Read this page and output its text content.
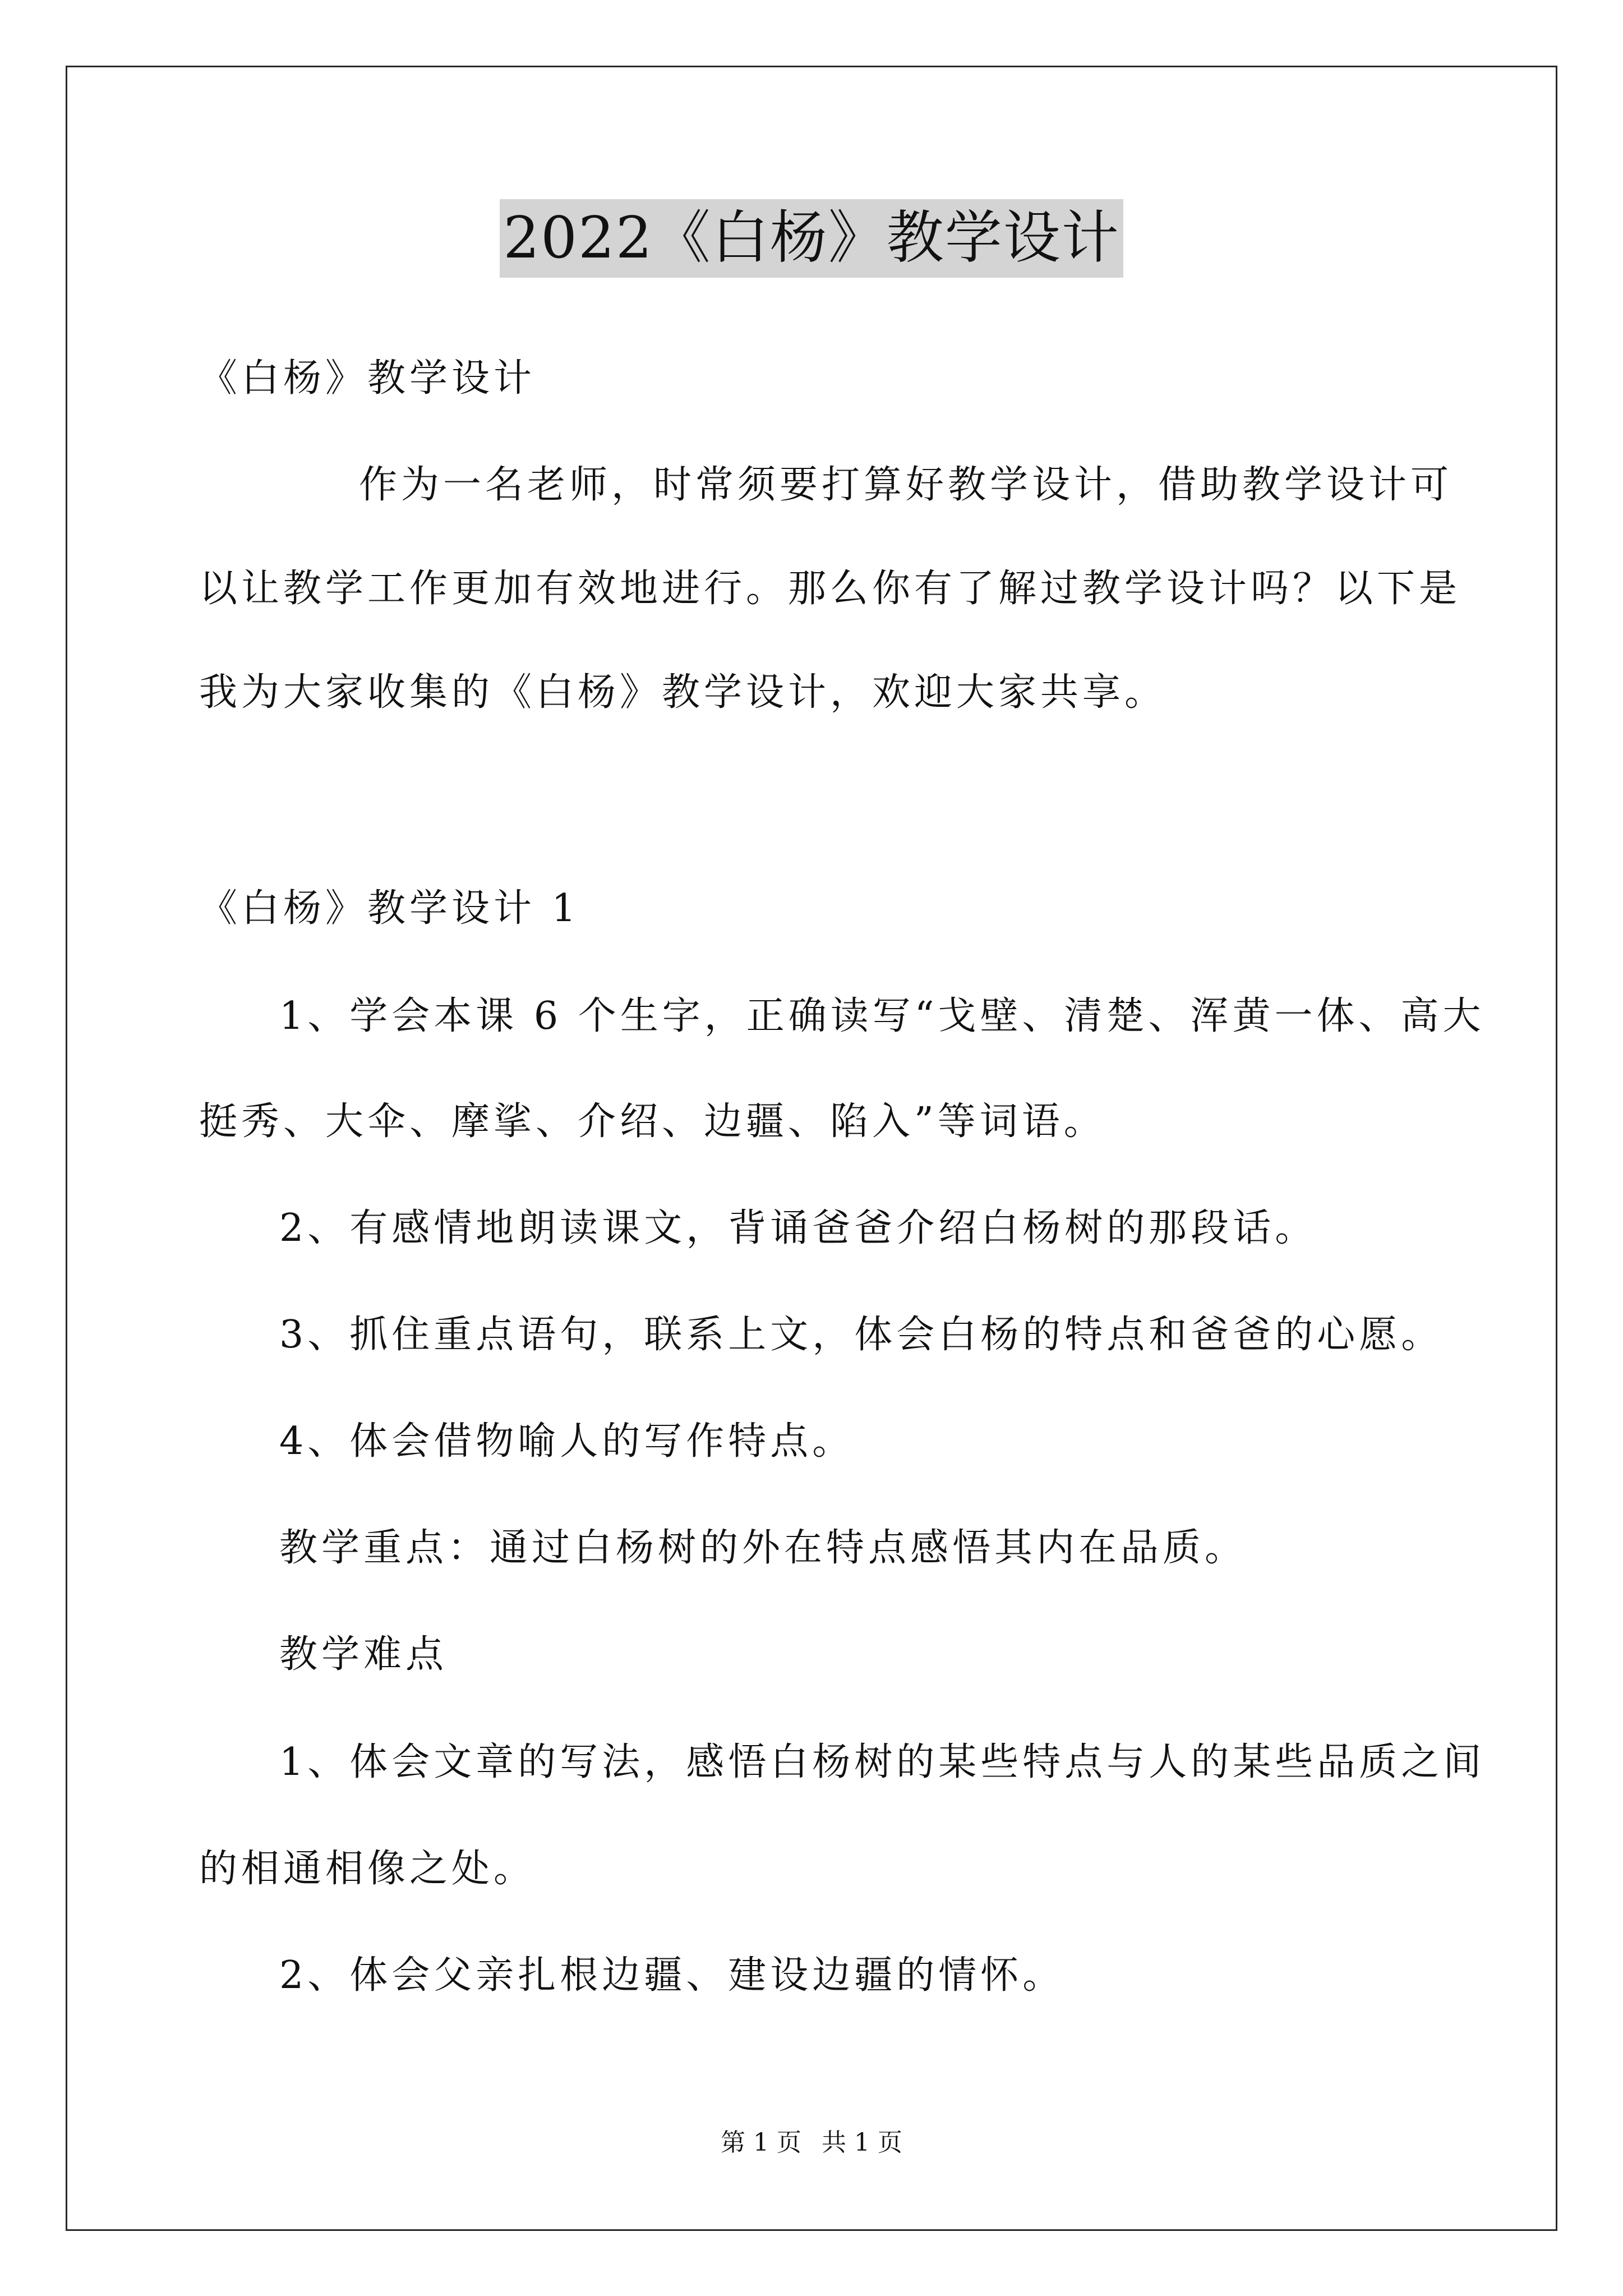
2022《白杨》教学设计
《白杨》教学设计
作为一名老师，时常须要打算好教学设计，借助教学设计可
以让教学工作更加有效地进行。那么你有了解过教学设计吗？以下是
我为大家收集的《白杨》教学设计，欢迎大家共享。
《白杨》教学设计 1
1、学会本课 6 个生字，正确读写“戈壁、清楚、浑黄一体、高大
挺秀、大伞、摩挲、介绍、边疆、陷入”等词语。
2、有感情地朗读课文，背诵爸爸介绍白杨树的那段话。
3、抓住重点语句，联系上文，体会白杨的特点和爸爸的心愿。
4、体会借物喻人的写作特点。
教学重点：通过白杨树的外在特点感悟其内在品质。
教学难点
1、体会文章的写法，感悟白杨树的某些特点与人的某些品质之间
的相通相像之处。
2、体会父亲扎根边疆、建设边疆的情怀。
第 1 页 共 1 页
